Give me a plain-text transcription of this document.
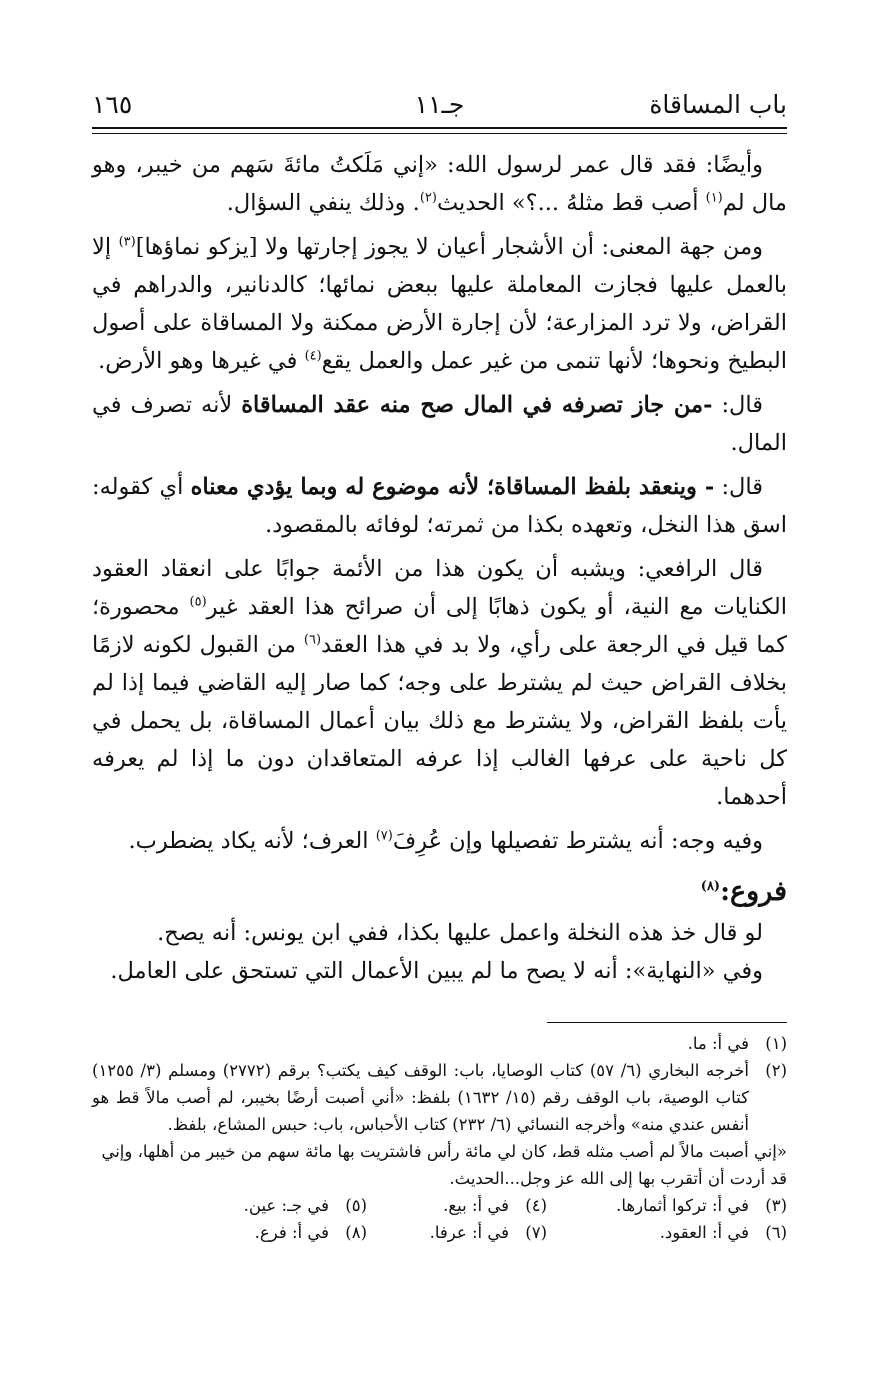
باب المساقاة
جـ١١
١٦٥

وأيضًا: فقد قال عمر لرسول الله: «إني مَلَكتُ مائةَ سَهم من خيبر، وهو مال لم$^{(١)}$ أصب قط مثلهُ ...؟» الحديث$^{(٢)}$. وذلك ينفي السؤال.

ومن جهة المعنى: أن الأشجار أعيان لا يجوز إجارتها ولا [يزكو نماؤها]$^{(٣)}$ إلا بالعمل عليها فجازت المعاملة عليها ببعض نمائها؛ كالدنانير، والدراهم في القراض، ولا ترد المزارعة؛ لأن إجارة الأرض ممكنة ولا المساقاة على أصول البطيخ ونحوها؛ لأنها تنمى من غير عمل والعمل يقع$^{(٤)}$ في غيرها وهو الأرض.

قال: -من جاز تصرفه في المال صح منه عقد المساقاة لأنه تصرف في المال.

قال: - وينعقد بلفظ المساقاة؛ لأنه موضوع له وبما يؤدي معناه أي كقوله: اسق هذا النخل، وتعهده بكذا من ثمرته؛ لوفائه بالمقصود.

قال الرافعي: ويشبه أن يكون هذا من الأئمة جوابًا على انعقاد العقود الكنايات مع النية، أو يكون ذهابًا إلى أن صرائح هذا العقد غير$^{(٥)}$ محصورة؛ كما قيل في الرجعة على رأي، ولا بد في هذا العقد$^{(٦)}$ من القبول لكونه لازمًا بخلاف القراض حيث لم يشترط على وجه؛ كما صار إليه القاضي فيما إذا لم يأت بلفظ القراض، ولا يشترط مع ذلك بيان أعمال المساقاة، بل يحمل في كل ناحية على عرفها الغالب إذا عرفه المتعاقدان دون ما إذا لم يعرفه أحدهما.

وفيه وجه: أنه يشترط تفصيلها وإن عُرِفَ$^{(٧)}$ العرف؛ لأنه يكاد يضطرب.

فروع:$^{(٨)}$

لو قال خذ هذه النخلة واعمل عليها بكذا، ففي ابن يونس: أنه يصح.

وفي «النهاية»: أنه لا يصح ما لم يبين الأعمال التي تستحق على العامل.

(١)
في أ: ما.
(٢)
أخرجه البخاري (٦/ ٥٧) كتاب الوصايا، باب: الوقف كيف يكتب؟ برقم (٢٧٧٢) ومسلم (٣/ ١٢٥٥) كتاب الوصية، باب الوقف رقم (١٥/ ١٦٣٢) بلفظ: «أني أصبت أرضًا بخيبر، لم أصب مالاً قط هو أنفس عندي منه» وأخرجه النسائي (٦/ ٢٣٢) كتاب الأحباس، باب: حبس المشاع، بلفظ.
«إني أصبت مالاً لم أصب مثله قط، كان لي مائة رأس فاشتريت بها مائة سهم من خيبر من أهلها، وإني قد أردت أن أتقرب بها إلى الله عز وجل...الحديث.
(٣)
في أ: تركوا أثمارها.
(٤)
في أ: بيع.
(٥)
في جـ: عين.
(٦)
في أ: العقود.
(٧)
في أ: عرفا.
(٨)
في أ: فرع.
